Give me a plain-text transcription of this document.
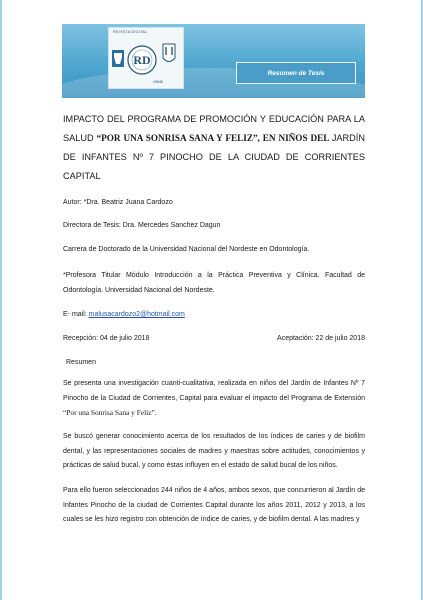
RD
REVISTA DIGITAL
UNNE
Resumen de Tesis
IMPACTO DEL PROGRAMA DE PROMOCIÓN Y EDUCACIÓN PARA LA SALUD “POR UNA SONRISA SANA Y FELIZ”, EN NIÑOS DEL JARDÍN DE INFANTES Nº 7 PINOCHO DE LA CIUDAD DE CORRIENTES CAPITAL

Autor: *Dra. Beatriz Juana Cardozo

Directora de Tesis: Dra. Mercedes Sanchez Dagun

Carrera de Doctorado de la Universidad Nacional del Nordeste en Odontología.

*Profesora Titular Módulo Introducción a la Práctica Preventiva y Clínica. Facultad de Odontología. Universidad Nacional del Nordeste.

E- mail: malusacardozo2@hotmail.com

Recepción: 04 de julio 2018	Aceptación: 22 de julio 2018

Resumen

Se presenta una investigación cuanti-cualitativa, realizada en niños del Jardín de Infantes Nº 7 Pinocho de la Ciudad de Corrientes, Capital para evaluar el impacto del Programa de Extensión “Por una Sonrisa Sana y Feliz”.

Se buscó generar conocimiento acerca de los resultados de los índices de caries y de biofilm dental, y las representaciones sociales de madres y maestras sobre actitudes, conocimientos y prácticas de salud bucal, y como éstas influyen en el estado de salud bucal de los niños.

Para ello fueron seleccionados 244 niños de 4 años, ambos sexos, que concurrieron al Jardín de Infantes Pinocho de la ciudad de Corrientes Capital durante los años 2011, 2012 y 2013, a los cuales se les hizo registro con obtención de índice de caries, y de biofilm dental. A las madres y
